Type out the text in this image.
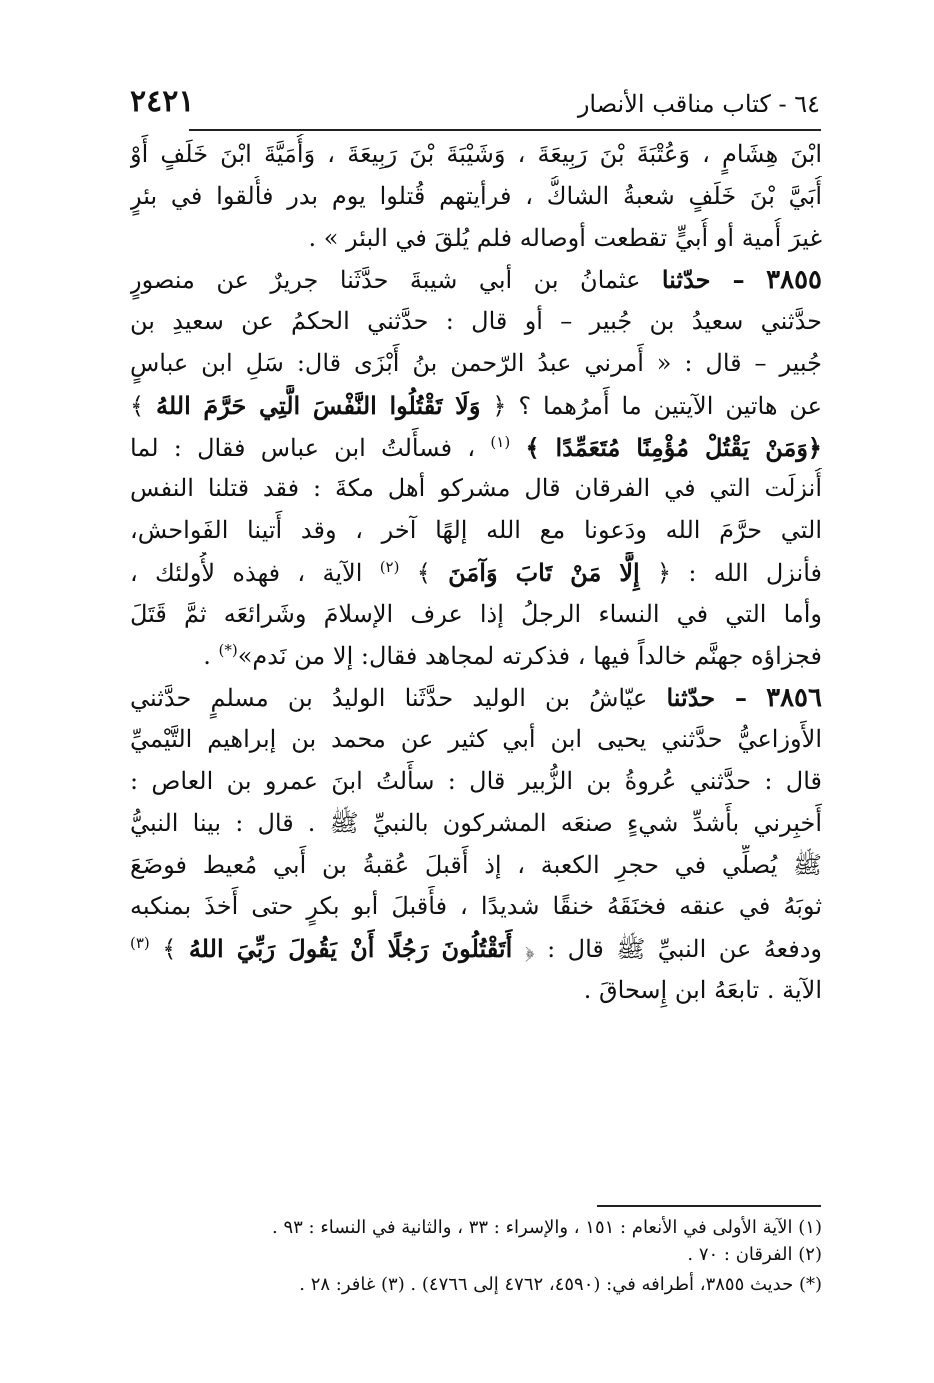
٦٤ - كتاب مناقب الأنصار
٢٤٢١
ابْنَ هِشَامٍ ، وَعُتْبَةَ بْنَ رَبِيعَةَ ، وَشَيْبَةَ بْنَ رَبِيعَةَ ، وَأُمَيَّةَ ابْنَ خَلَفٍ أَوْ
أُبَيَّ بْنَ خَلَفٍ شعبةُ الشاكُّ ، فرأيتهم قُتلوا يوم بدر فأُلقوا في بئرٍ
غيرَ أُمية أو أُبيٍّ تقطعت أوصاله فلم يُلقَ في البئر » .
٣٨٥٥ – حدّثنا عثمانُ بن أبي شيبةَ حدَّثَنا جريرٌ عن منصورٍ
حدَّثني سعيدُ بن جُبير – أو قال : حدَّثني الحكمُ عن سعيدِ بن
جُبير – قال : « أَمرني عبدُ الرّحمن بنُ أَبْزَى قال: سَلِ ابن عباسٍ
عن هاتين الآيتين ما أَمرُهما ؟ ﴿ وَلَا تَقْتُلُوا النَّفْسَ الَّتِي حَرَّمَ اللهُ ﴾
﴿وَمَنْ يَقْتُلْ مُؤْمِنًا مُتَعَمِّدًا ﴾ $^{(١)}$ ، فسأَلتُ ابن عباس فقال : لما
أُنزلَت التي في الفرقان قال مشركو أهل مكةَ : فقد قتلنا النفس
التي حرَّمَ الله ودَعونا مع الله إلهًا آخر ، وقد أَتينا الفَواحش،
فأنزل الله : ﴿ إِلَّا مَنْ تَابَ وَآمَنَ ﴾ $^{(٢)}$ الآية ، فهذه لأُولئك ،
وأما التي في النساء الرجلُ إذا عرف الإسلامَ وشَرائعَه ثمَّ قَتَلَ
فجزاؤه جهنَّم خالداً فيها ، فذكرته لمجاهد فقال: إلا من نَدم»(*) .
٣٨٥٦ – حدّثنا عيّاشُ بن الوليد حدَّثَنا الوليدُ بن مسلمٍ حدَّثني
الأَوزاعيُّ حدَّثني يحيى ابن أبي كثير عن محمد بن إبراهيم التَّيْميِّ
قال : حدَّثني عُروةُ بن الزُّبير قال : سأَلتُ ابنَ عمرو بن العاص :
أَخبِرني بأَشدِّ شيءٍ صنعَه المشركون بالنبيِّ ﷺ . قال : بينا النبيُّ
ﷺ يُصلِّي في حجرِ الكعبة ، إذ أَقبلَ عُقبةُ بن أَبي مُعيط فوضَعَ
ثوبَهُ في عنقه فخنَقَهُ خنقًا شديدًا ، فأَقبلَ أبو بكرٍ حتى أَخذَ بمنكبه
ودفعهُ عن النبيِّ ﷺ قال : ﴿ أَتَقْتُلُونَ رَجُلًا أَنْ يَقُولَ رَبِّيَ اللهُ ﴾ $^{(٣)}$
الآية . تابعَهُ ابن إِسحاقَ .
(١) الآية الأولى في الأنعام : ١٥١ ، والإسراء : ٣٣ ، والثانية في النساء : ٩٣ .
(٢) الفرقان : ٧٠ .
(*) حديث ٣٨٥٥، أطرافه في: (٤٥٩٠، ٤٧٦٢ إلى ٤٧٦٦) . (٣) غافر: ٢٨ .
